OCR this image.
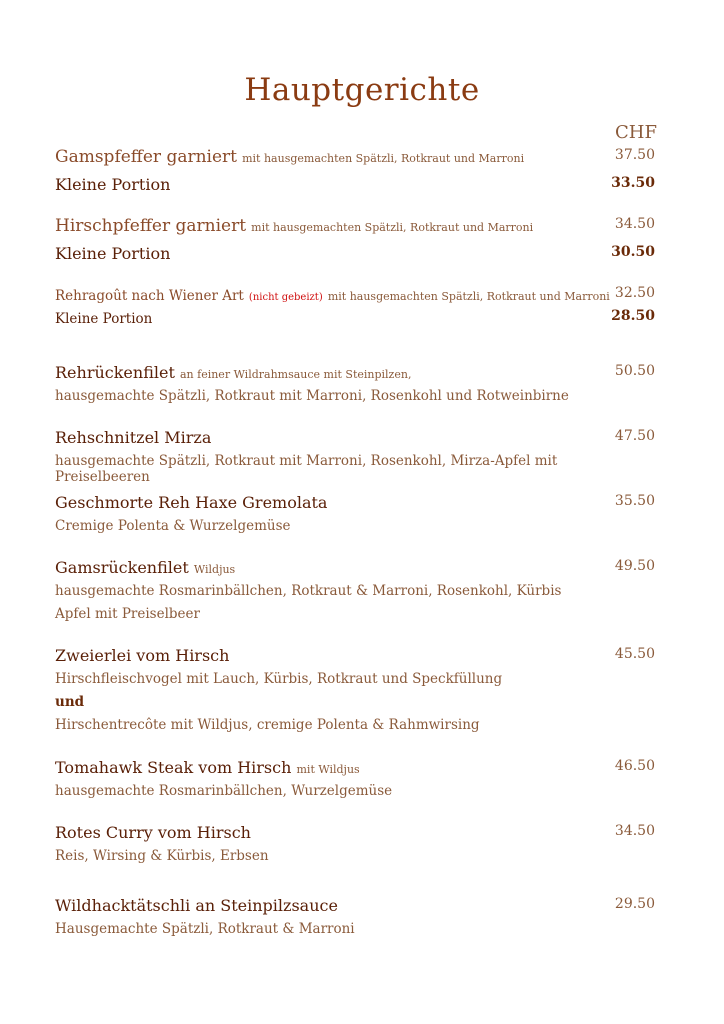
Hauptgerichte
CHF
Gamspfeffer garniert mit hausgemachten Spätzli, Rotkraut und Marroni	37.50
Kleine Portion	33.50
Hirschpfeffer garniert mit hausgemachten Spätzli, Rotkraut und Marroni	34.50
Kleine Portion	30.50
Rehragoût nach Wiener Art (nicht gebeizt) mit hausgemachten Spätzli, Rotkraut und Marroni 32.50
Kleine Portion	28.50
Rehrückenfilet an feiner Wildrahmsauce mit Steinpilzen,	50.50
hausgemachte Spätzli, Rotkraut mit Marroni, Rosenkohl und Rotweinbirne
Rehschnitzel Mirza	47.50
hausgemachte Spätzli, Rotkraut mit Marroni, Rosenkohl, Mirza-Apfel mit Preiselbeeren
Geschmorte Reh Haxe Gremolata	35.50
Cremige Polenta & Wurzelgemüse
Gamsrückenfilet Wildjus	49.50
hausgemachte Rosmarinbällchen, Rotkraut & Marroni, Rosenkohl, Kürbis
Apfel mit Preiselbeer
Zweierlei vom Hirsch	45.50
Hirschfleischvogel mit Lauch, Kürbis, Rotkraut und Speckfüllung
und
Hirschentrecôte mit Wildjus, cremige Polenta & Rahmwirsing
Tomahawk Steak vom Hirsch mit Wildjus	46.50
hausgemachte Rosmarinbällchen, Wurzelgemüse
Rotes Curry vom Hirsch	34.50
Reis, Wirsing & Kürbis, Erbsen
Wildhacktätschli an Steinpilzsauce	29.50
Hausgemachte Spätzli, Rotkraut & Marroni
